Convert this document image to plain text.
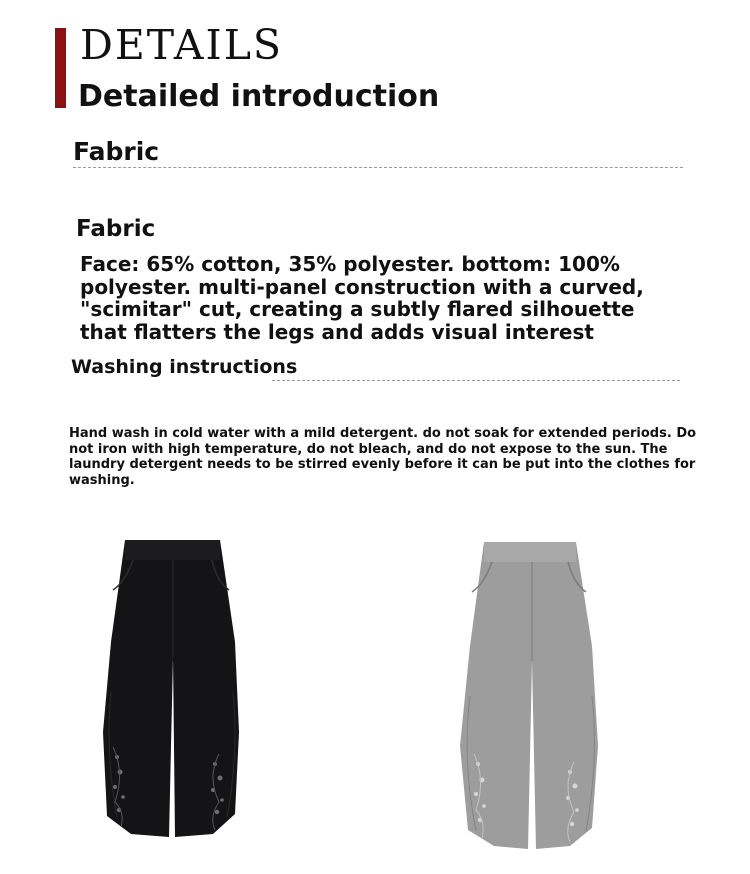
DETAILS
Detailed introduction
Fabric
Fabric
Face: 65% cotton, 35% polyester. bottom: 100% polyester. multi-panel construction with a curved, "scimitar" cut, creating a subtly flared silhouette that flatters the legs and adds visual interest
Washing instructions
Hand wash in cold water with a mild detergent. do not soak for extended periods. Do not iron with high temperature, do not bleach, and do not expose to the sun. The laundry detergent needs to be stirred evenly before it can be put into the clothes for washing.
